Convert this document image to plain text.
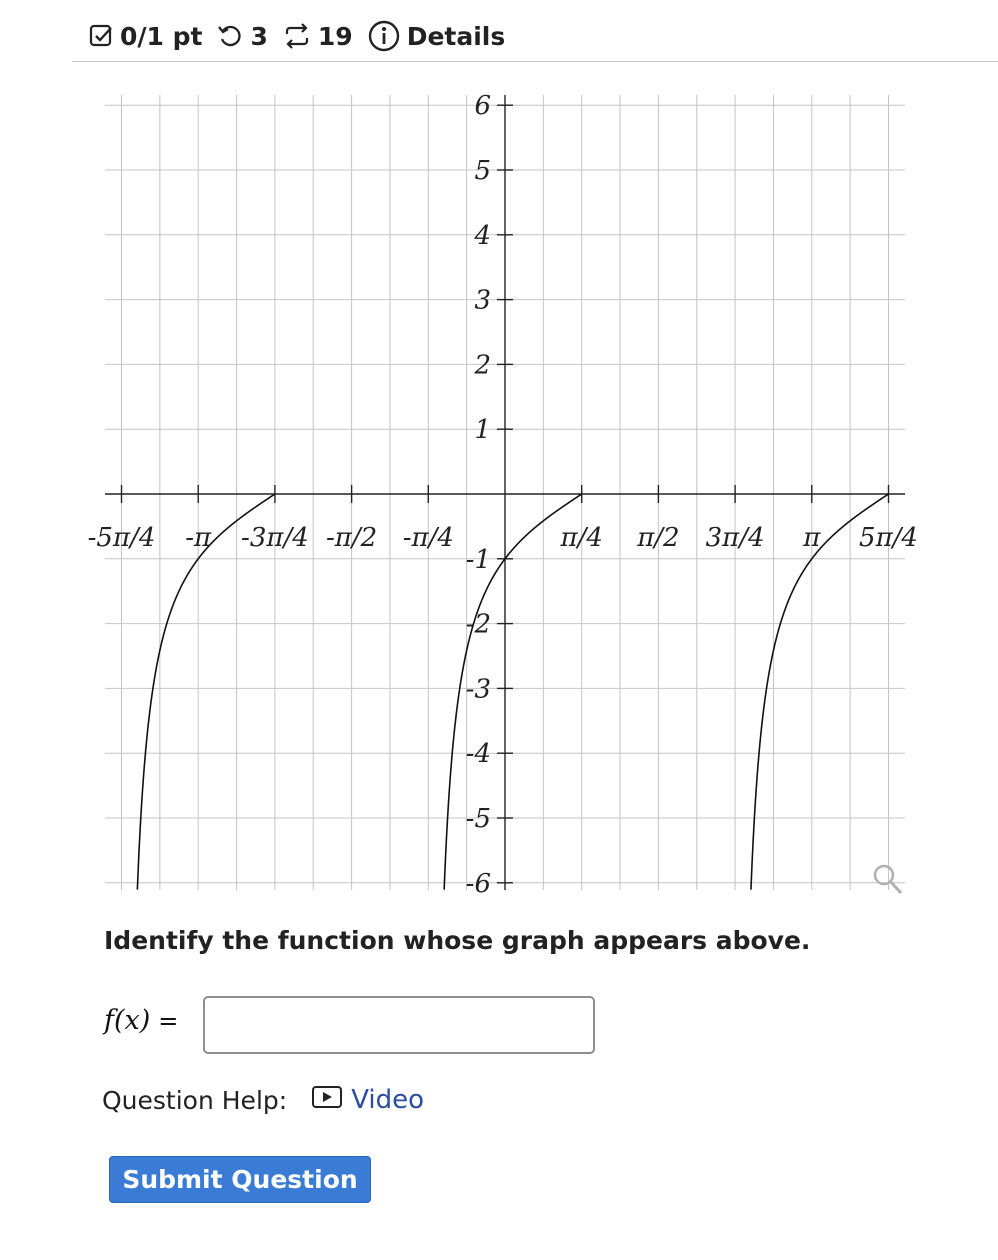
0/1 pt 3 19 Details
-5π/4 -π -3π/4 -π/2 -π/4	π/4 π/2 3π/4 π 5π/4
6
5
4
3
2
1
-1
-2
-3
-4
-5
-6
Identify the function whose graph appears above.
f(x) =
Question Help: Video
Submit Question
